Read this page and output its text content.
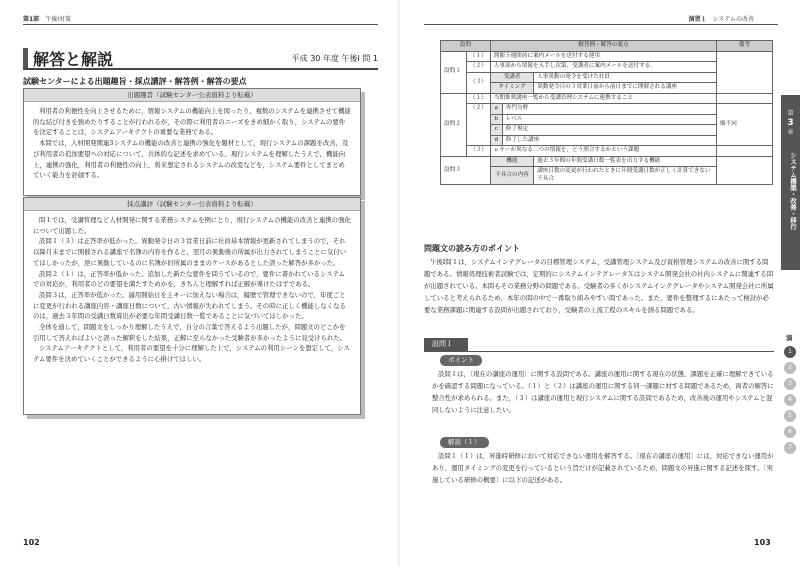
第1部 午後Ⅰ対策
解答と解説	平成 30 年度 午後Ⅰ 問 1
試験センターによる出題趣旨・採点講評・解答例・解答の要点
出題趣旨（試験センター公表資料より転載）

利用者の利便性を向上させるために，情報システムの機能向上を図ったり，複数のシステムを連携させて機能的な結び付きを強めたりすることが行われるが，その際に利用者のニーズをきめ細かく取り，システムの要件を決定することは，システムアーキテクトの重要な業務である。

本問では，人材開発関連3システムの機能の改善と連携の強化を題材として，現行システムの課題を改善，及び利用者の追加要望への対応について，共体的な記述を求めている。現行システムを理解したうえで，機能向上，連携の強化，利用者の利便性の向上，将来想定されるシステムの改変などを，システム要件としてまとめていく能力を評価する。

採点講評（試験センター公表資料より転載）

問１では，受講管理など人材開発に関する業務システムを例にとり，現行システムの機能の改善と連携の強化について出題した。

設問１（３）は正答率が低かった。異動発令日の３営業日前に社員基本情報が更新されてしまうので，それ以降月末までに開催される講座で名簿の内容を作ると，翌月の異動後の所属が出力されてしまうことに気付いてほしかったが，逆に異動しているのに名簿が旧所属のままのケースがあるとした誤った解答が多かった。

設問２（１）は，正答率が低かった。追加した新たな要件を問うているので，要件に書かれているシステムでの対応が，利用者のどの要望を満たすためかを，きちんと理解すれば正解が導けたはずである。

設問３は，正答率が低かった。適用開始日を主キーに加えない場合は，履歴で管理できないので，年度ごとに変更が行われる講座内容・講座日数について，古い情報が失われてしまう。その時に正しく機能しなくなるのは，過去３年間の受講日数算出が必要な年間受講日数一覧であることに気づいてほしかった。

全体を通して，問題文をしっかり理解したうえで，自分の言葉で答えるよう出題したが，問題文のどこかを引用して答えればよいと誤った解釈をした結果，正解に至らなかった受験者が多かったように見受けられた。

システムアーキテクトとして，利用者の要望を十分に理解した上で，システムの利用シーンを想定して，システム要件を決めていくことができるように心掛けてほしい。

102
演習１ システムの改善
設問		解答例・解答の要点			備考
設問１	（１）	開催５週間前に案内メールを送付する運用			
	（２）	人事部から情報を入手し次第，受講者に案内メールを送付する。			
	（３）	受講者		人事異動の発令を受けた社員	
		タイミング		異動発令日の３営業日前から前日までに開催される講座	
設問２	（１）	当期推奨講座一覧から受講管理システムに連携すること			
	（２）	a	専門分野		順不同
		b	レベル		
		c	修了規定		
		d	修了した講座		
	（３）	ｅキーが異なる二つの情報を，どう照合するかという課題			
設問３		機能		過去３年間の年間受講日数一覧表を出力する機能	
		不具合の内容		講座日数の変更が行われたときに年間受講日数が正しく計算できない不具合	
問題文の読み方のポイント

午後Ⅰ問１は，システムインテグレータの目標管理システム，受講管理システム及び資格管理システムの改善に関する問題である。情報処理技術者試験では，定期的にシステムインテグレータＸはシステム開発会社の社内システムに関連する問が出題されている。本問もその業務分野の問題である。受験者の多くがシステムインテグレータやシステム開発会社に所属していると考えられるため，本年の問の中で一番取り組みやすい問であった。また，要件を整理するにあたって検討が必要な業務課題に関連する設問が出題されており，受験者の上流工程のスキルを測る問題である。

設問１
ポイント

設問１は，〔現在の講座の運用〕に関する設問である。講座の運用に関する現在の状態，課題を正確に理解できているかを確認する問題になっている。（１）と（２）は講座の運用に関する同一課題に対する問題であるため，両者の解答に整合性が求められる。また，（３）は講座の運用と現行システムに関する設問であるため，改善後の運用やシステムと混同しないように注意したい。

解説（１）

設問１（１）は，昇進時研修において対応できない運用を解答する。〔現在の講座の運用〕には，対応できない運用があり，運用タイミングの変更を行っているという旨だけが記載されているため，問題文の昇進に関する記述を探す。〔実施している研修の概要〕に以下の記述がある。

103
第
3
章
システム構築・改善・移行
演
1
2
3
4
5
6
7
